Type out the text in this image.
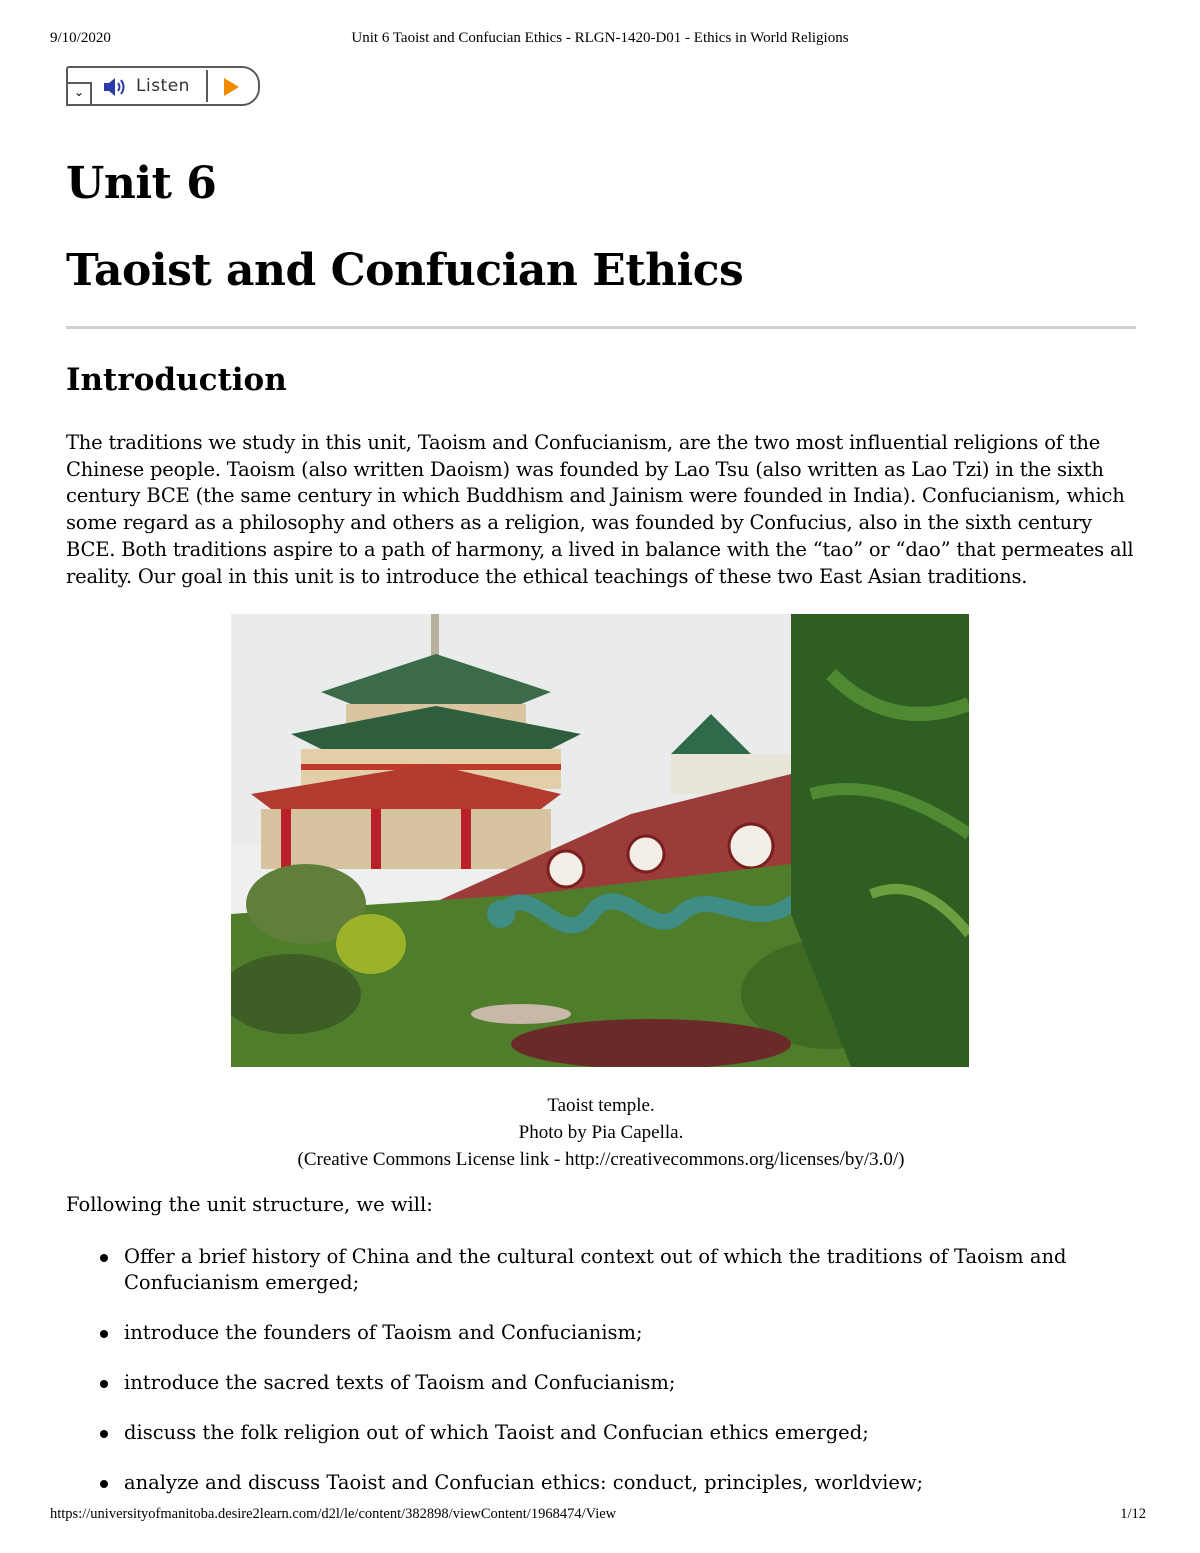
9/10/2020	Unit 6 Taoist and Confucian Ethics - RLGN-1420-D01 - Ethics in World Religions
⌄	Listen
Unit 6
Taoist and Confucian Ethics
Introduction

The traditions we study in this unit, Taoism and Confucianism, are the two most influential religions of the Chinese people. Taoism (also written Daoism) was founded by Lao Tsu (also written as Lao Tzi) in the sixth century BCE (the same century in which Buddhism and Jainism were founded in India). Confucianism, which some regard as a philosophy and others as a religion, was founded by Confucius, also in the sixth century BCE. Both traditions aspire to a path of harmony, a lived in balance with the “tao” or “dao” that permeates all reality. Our goal in this unit is to introduce the ethical teachings of these two East Asian traditions.

Taoist temple.
Photo by Pia Capella.
(Creative Commons License link - http://creativecommons.org/licenses/by/3.0/)

Following the unit structure, we will:

Offer a brief history of China and the cultural context out of which the traditions of Taoism and Confucianism emerged;
introduce the founders of Taoism and Confucianism;
introduce the sacred texts of Taoism and Confucianism;
discuss the folk religion out of which Taoist and Confucian ethics emerged;
analyze and discuss Taoist and Confucian ethics: conduct, principles, worldview;
https://universityofmanitoba.desire2learn.com/d2l/le/content/382898/viewContent/1968474/View	1/12
